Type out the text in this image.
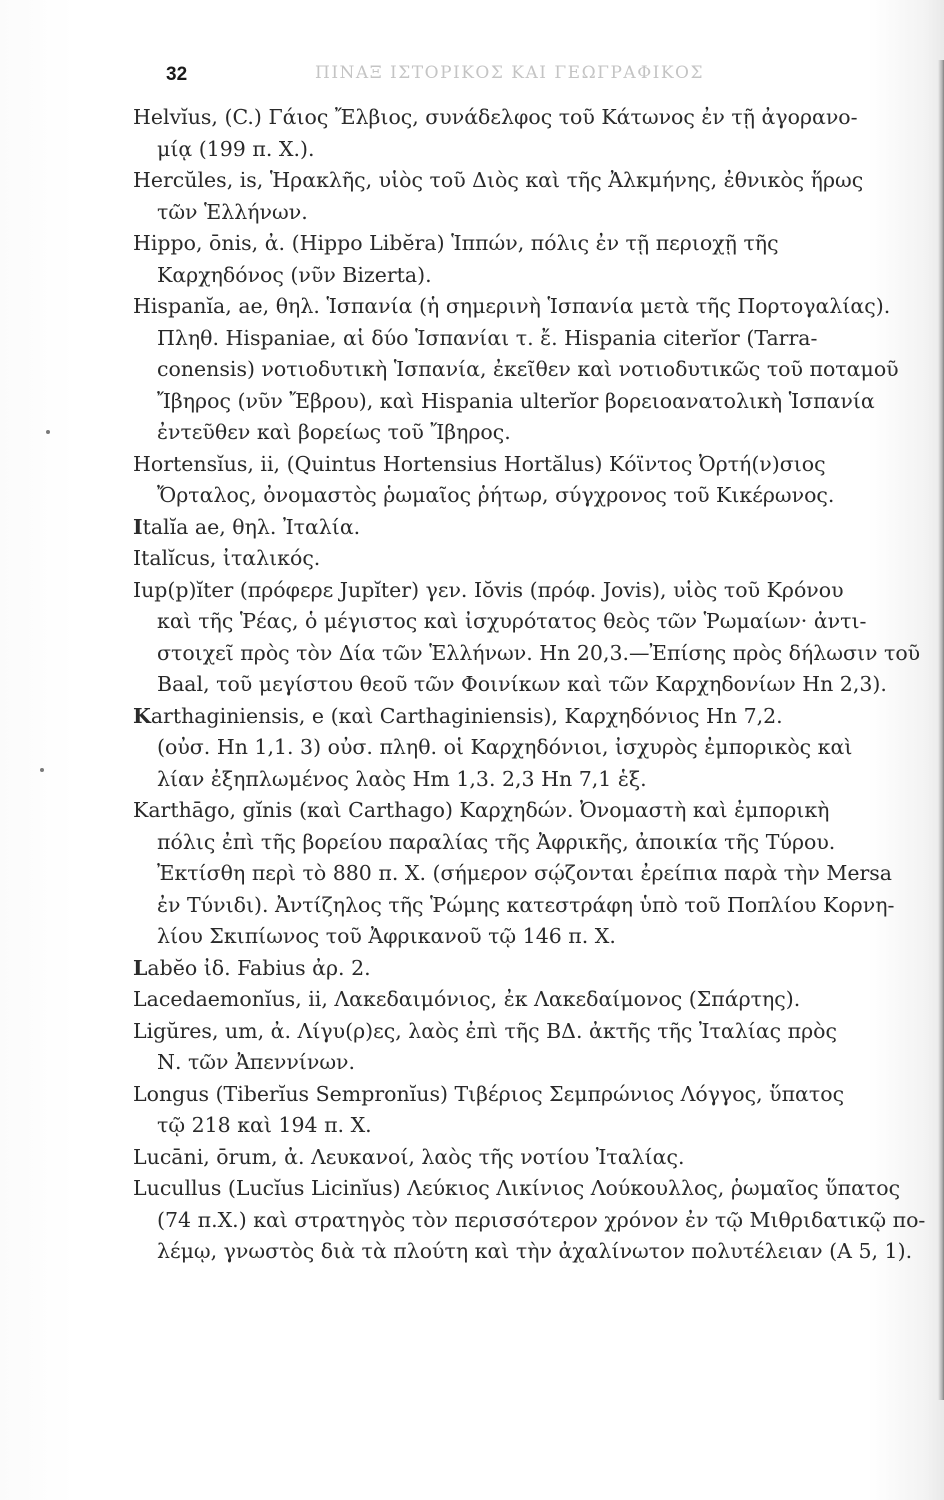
32	ΠΙΝΑΞ ΙΣΤΟΡΙΚΟΣ ΚΑΙ ΓΕΩΓΡΑΦΙΚΟΣ
Helvĭus, (C.) Γάιος Ἔλβιος, συνάδελφος τοῦ Κάτωνος ἐν τῇ ἀγορανο-
μίᾳ (199 π. X.).
Hercŭles, is, Ἡρακλῆς, υἱὸς τοῦ Διὸς καὶ τῆς Ἀλκμήνης, ἐθνικὸς ἥρως
τῶν Ἑλλήνων.
Hippo, ōnis, ἀ. (Hippo Libĕra) Ἱππών, πόλις ἐν τῇ περιοχῇ τῆς
Καρχηδόνος (νῦν Bizerta).
Hispanĭa, ae, θηλ. Ἱσπανία (ἡ σημερινὴ Ἱσπανία μετὰ τῆς Πορτογαλίας).
Πληθ. Hispaniae, αἱ δύο Ἱσπανίαι τ. ἔ. Hispania citerĭor (Tarra-
conensis) νοτιοδυτικὴ Ἱσπανία, ἐκεῖθεν καὶ νοτιοδυτικῶς τοῦ ποταμοῦ
Ἴβηρος (νῦν Ἔβρου), καὶ Hispania ulterĭor βορειοανατολικὴ Ἱσπανία
ἐντεῦθεν καὶ βορείως τοῦ Ἴβηρος.
Hortensĭus, ii, (Quintus Hortensius Hortălus) Κόϊντος Ὀρτή(ν)σιος
Ὄρταλος, ὀνομαστὸς ῥωμαῖος ῥήτωρ, σύγχρονος τοῦ Κικέρωνος.
Italĭa ae, θηλ. Ἰταλία.
Italĭcus, ἰταλικός.
Iup(p)ĭter (πρόφερε Jupĭter) γεν. Iŏvis (πρόφ. Jovis), υἱὸς τοῦ Κρόνου
καὶ τῆς Ῥέας, ὁ μέγιστος καὶ ἰσχυρότατος θεὸς τῶν Ῥωμαίων· ἀντι-
στοιχεῖ πρὸς τὸν Δία τῶν Ἑλλήνων. Ηn 20,3.—Ἐπίσης πρὸς δήλωσιν τοῦ
Baal, τοῦ μεγίστου θεοῦ τῶν Φοινίκων καὶ τῶν Καρχηδονίων Ηn 2,3).
Karthaginiensis, e (καὶ Carthaginiensis), Καρχηδόνιος Ηn 7,2.
(οὐσ. Ηn 1,1. 3) οὐσ. πληθ. οἱ Καρχηδόνιοι, ἰσχυρὸς ἐμπορικὸς καὶ
λίαν ἐξηπλωμένος λαὸς Ηm 1,3. 2,3 Ηn 7,1 ἑξ.
Karthāgo, gĭnis (καὶ Carthago) Καρχηδών. Ὀνομαστὴ καὶ ἐμπορικὴ
πόλις ἐπὶ τῆς βορείου παραλίας τῆς Ἀφρικῆς, ἀποικία τῆς Τύρου.
Ἐκτίσθη περὶ τὸ 880 π. X. (σήμερον σῴζονται ἐρείπια παρὰ τὴν Mersa
ἐν Τύνιδι). Ἀντίζηλος τῆς Ῥώμης κατεστράφη ὑπὸ τοῦ Ποπλίου Κορνη-
λίου Σκιπίωνος τοῦ Ἀφρικανοῦ τῷ 146 π. X.
Labĕo ἰδ. Fabius ἀρ. 2.
Lacedaemonĭus, ii, Λακεδαιμόνιος, ἐκ Λακεδαίμονος (Σπάρτης).
Ligŭres, um, ἀ. Λίγυ(ρ)ες, λαὸς ἐπὶ τῆς ΒΔ. ἀκτῆς τῆς Ἰταλίας πρὸς
Ν. τῶν Ἀπεννίνων.
Longus (Tiberĭus Sempronĭus) Τιβέριος Σεμπρώνιος Λόγγος, ὕπατος
τῷ 218 καὶ 194 π. X.
Lucāni, ōrum, ἀ. Λευκανοί, λαὸς τῆς νοτίου Ἰταλίας.
Lucullus (Lucĭus Licinĭus) Λεύκιος Λικίνιος Λούκουλλος, ῥωμαῖος ὕπατος
(74 π.X.) καὶ στρατηγὸς τὸν περισσότερον χρόνον ἐν τῷ Μιθριδατικῷ πο-
λέμῳ, γνωστὸς διὰ τὰ πλούτη καὶ τὴν ἀχαλίνωτον πολυτέλειαν (A 5, 1).
